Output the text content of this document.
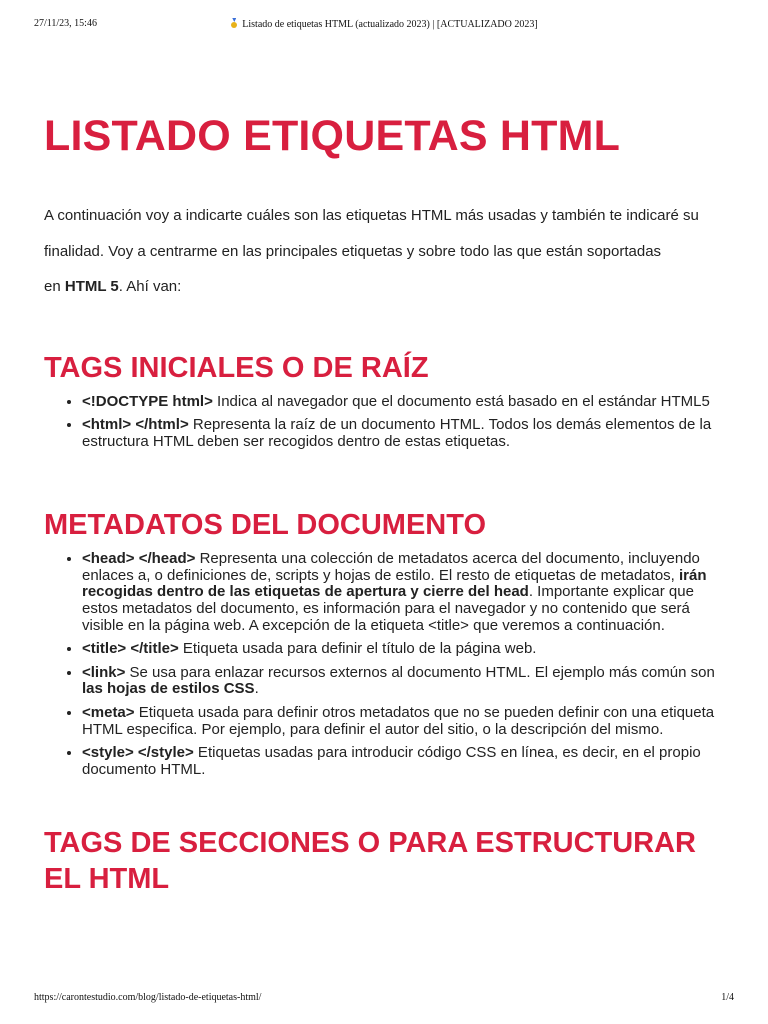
27/11/23, 15:46	Listado de etiquetas HTML (actualizado 2023) | [ACTUALIZADO 2023]
LISTADO ETIQUETAS HTML

A continuación voy a indicarte cuáles son las etiquetas HTML más usadas y también te indicaré su

finalidad. Voy a centrarme en las principales etiquetas y sobre todo las que están soportadas

en HTML 5. Ahí van:

TAGS INICIALES O DE RAÍZ
• <!DOCTYPE html> Indica al navegador que el documento está basado en el estándar HTML5
• <html> </html> Representa la raíz de un documento HTML. Todos los demás elementos de la estructura HTML deben ser recogidos dentro de estas etiquetas.
METADATOS DEL DOCUMENTO
• <head> </head> Representa una colección de metadatos acerca del documento, incluyendo enlaces a, o definiciones de, scripts y hojas de estilo. El resto de etiquetas de metadatos, irán recogidas dentro de las etiquetas de apertura y cierre del head. Importante explicar que estos metadatos del documento, es información para el navegador y no contenido que será visible en la página web. A excepción de la etiqueta <title> que veremos a continuación.
• <title> </title> Etiqueta usada para definir el título de la página web.
• <link> Se usa para enlazar recursos externos al documento HTML. El ejemplo más común son las hojas de estilos CSS.
• <meta> Etiqueta usada para definir otros metadatos que no se pueden definir con una etiqueta HTML especifica. Por ejemplo, para definir el autor del sitio, o la descripción del mismo.
• <style> </style> Etiquetas usadas para introducir código CSS en línea, es decir, en el propio documento HTML.
TAGS DE SECCIONES O PARA ESTRUCTURAR EL HTML
https://carontestudio.com/blog/listado-de-etiquetas-html/	1/4
